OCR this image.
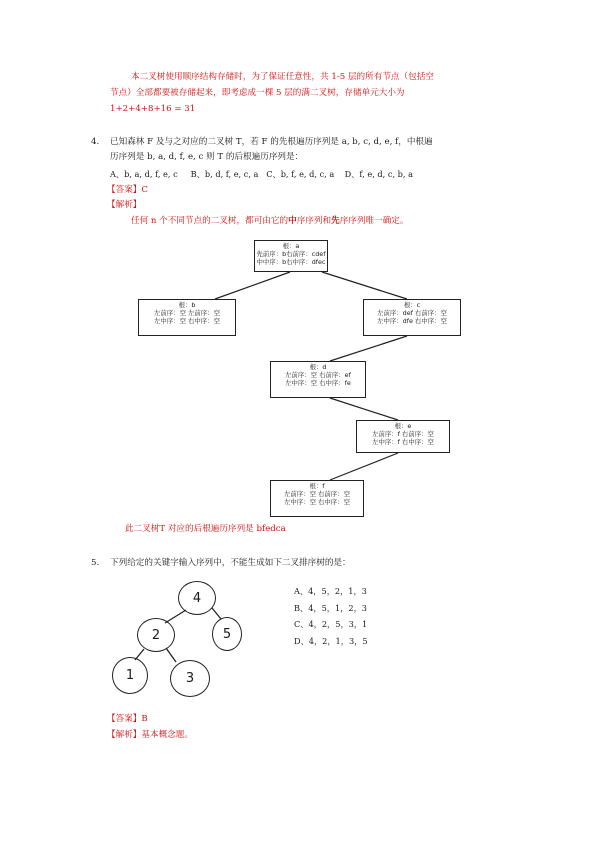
本二叉树使用顺序结构存储时，为了保证任意性，共 1-5 层的所有节点（包括空
节点）全部都要被存储起来，即考虑成一棵 5 层的满二叉树，存储单元大小为
1+2+4+8+16 = 31
4. 已知森林 F 及与之对应的二叉树 T，若 F 的先根遍历序列是 a, b, c, d, e, f，中根遍
历序列是 b, a, d, f, e, c 则 T 的后根遍历序列是：
A、b, a, d, f, e, c     B、b, d, f, e, c, a   C、b, f, e, d, c, a    D、f, e, d, c, b, a
【答案】C
【解析】
任何 n 个不同节点的二叉树，都可由它的中序序列和先序序列唯一确定。
根：a
先前序：b右前序：cdef
中中序：b右中序：dfec
根：b
左前序：空 左前序：空
左中序：空 右中序：空
根：c
左前序：def 右前序：空
左中序：dfe 右中序：空
根：d
左前序：空 右前序：ef
左中序：空 右中序：fe
根：e
左前序：f 右前序：空
左中序：f 右中序：空
根：f
左前序：空 右前序：空
左中序：空 右中序：空
此二叉树T 对应的后根遍历序列是 bfedca
5. 下列给定的关键字输入序列中，不能生成如下二叉排序树的是：
4
2	5
1	3
A、4，5，2，1，3
B、4，5，1，2，3
C、4，2，5，3，1
D、4，2，1，3，5
【答案】B
【解析】基本概念题。
